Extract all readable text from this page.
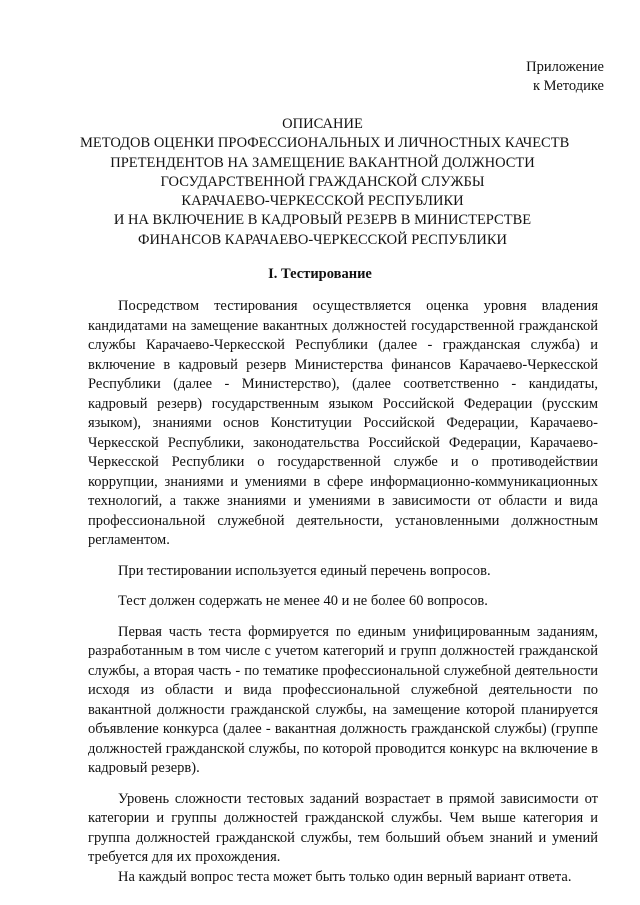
Приложение
к Методике
ОПИСАНИЕ
МЕТОДОВ ОЦЕНКИ ПРОФЕССИОНАЛЬНЫХ И ЛИЧНОСТНЫХ КАЧЕСТВ
ПРЕТЕНДЕНТОВ НА ЗАМЕЩЕНИЕ ВАКАНТНОЙ ДОЛЖНОСТИ
ГОСУДАРСТВЕННОЙ ГРАЖДАНСКОЙ СЛУЖБЫ
КАРАЧАЕВО-ЧЕРКЕССКОЙ РЕСПУБЛИКИ
И НА ВКЛЮЧЕНИЕ В КАДРОВЫЙ РЕЗЕРВ В МИНИСТЕРСТВЕ
ФИНАНСОВ КАРАЧАЕВО-ЧЕРКЕССКОЙ РЕСПУБЛИКИ
I. Тестирование

Посредством тестирования осуществляется оценка уровня владения кандидатами на замещение вакантных должностей государственной гражданской службы Карачаево-Черкесской Республики (далее - гражданская служба) и включение в кадровый резерв Министерства финансов Карачаево-Черкесской Республики (далее - Министерство), (далее соответственно - кандидаты, кадровый резерв) государственным языком Российской Федерации (русским языком), знаниями основ Конституции Российской Федерации, Карачаево-Черкесской Республики, законодательства Российской Федерации, Карачаево-Черкесской Республики о государственной службе и о противодействии коррупции, знаниями и умениями в сфере информационно-коммуникационных технологий, а также знаниями и умениями в зависимости от области и вида профессиональной служебной деятельности, установленными должностным регламентом.

При тестировании используется единый перечень вопросов.

Тест должен содержать не менее 40 и не более 60 вопросов.

Первая часть теста формируется по единым унифицированным заданиям, разработанным в том числе с учетом категорий и групп должностей гражданской службы, а вторая часть - по тематике профессиональной служебной деятельности исходя из области и вида профессиональной служебной деятельности по вакантной должности гражданской службы, на замещение которой планируется объявление конкурса (далее - вакантная должность гражданской службы) (группе должностей гражданской службы, по которой проводится конкурс на включение в кадровый резерв).

Уровень сложности тестовых заданий возрастает в прямой зависимости от категории и группы должностей гражданской службы. Чем выше категория и группа должностей гражданской службы, тем больший объем знаний и умений требуется для их прохождения.

На каждый вопрос теста может быть только один верный вариант ответа.
